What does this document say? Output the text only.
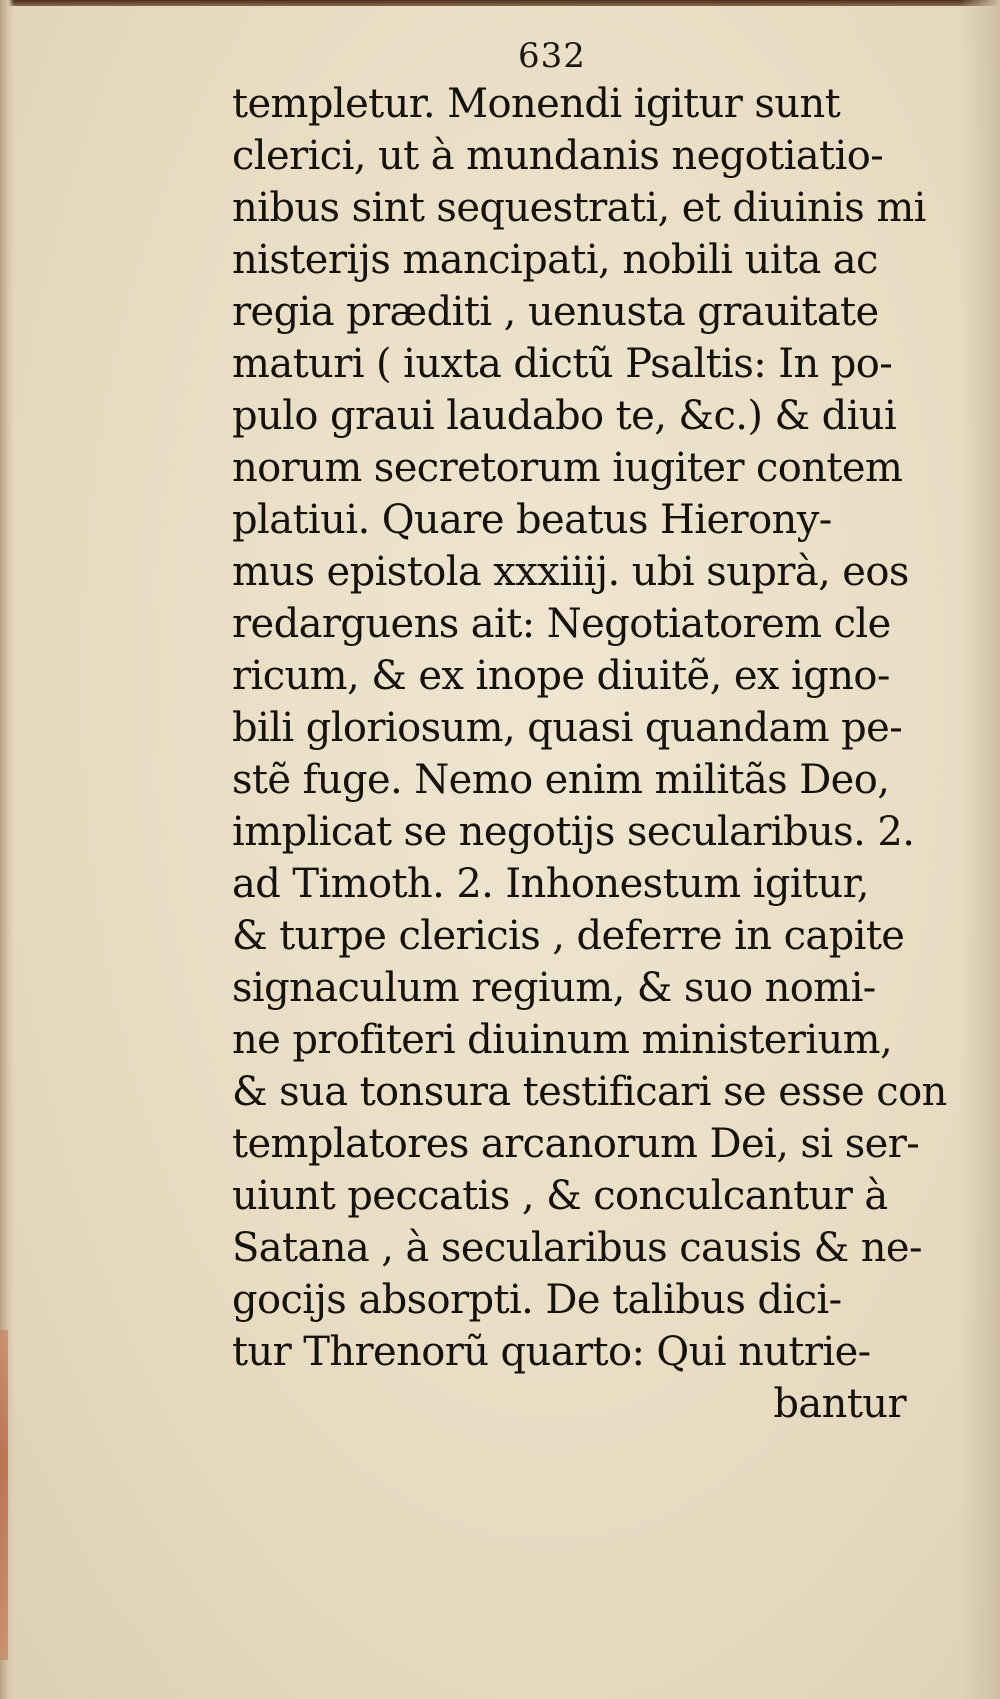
632
templetur. Monendi igitur sunt
clerici, ut à mundanis negotiatio-
nibus sint sequestrati, et diuinis mi
nisterijs mancipati, nobili uita ac
regia præditi , uenusta grauitate
maturi ( iuxta dictũ Psaltis: In po-
pulo graui laudabo te, &c.) & diui
norum secretorum iugiter contem
platiui. Quare beatus Hierony-
mus epistola xxxiiij. ubi suprà, eos
redarguens ait: Negotiatorem cle
ricum, & ex inope diuitẽ, ex igno-
bili gloriosum, quasi quandam pe-
stẽ fuge. Nemo enim militãs Deo,
implicat se negotijs secularibus. 2.
ad Timoth. 2. Inhonestum igitur,
& turpe clericis , deferre in capite
signaculum regium, & suo nomi-
ne profiteri diuinum ministerium,
& sua tonsura testificari se esse con
templatores arcanorum Dei, si ser-
uiunt peccatis , & conculcantur à
Satana , à secularibus causis & ne-
gocijs absorpti. De talibus dici-
tur Threnorũ quarto: Qui nutrie-
bantur
